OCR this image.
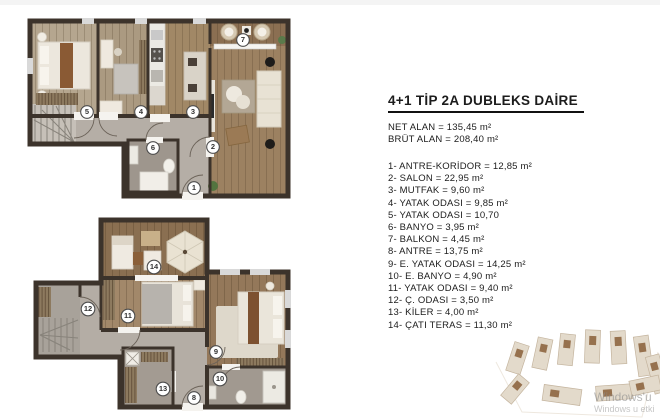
1
2
3
4
5
6
7
8
9
10
11
12
13
14
4+1 TİP 2A DUBLEKS DAİRE
NET ALAN = 135,45 m²
BRÜT ALAN = 208,40 m²
1- ANTRE-KORİDOR = 12,85 m²
2- SALON = 22,95 m²
3- MUTFAK = 9,60 m²
4- YATAK ODASI = 9,85 m²
5- YATAK ODASI = 10,70
6- BANYO = 3,95 m²
7- BALKON = 4,45 m²
8- ANTRE = 13,75 m²
9- E. YATAK ODASI = 14,25 m²
10- E. BANYO = 4,90 m²
11- YATAK ODASI = 9,40 m²
12- Ç. ODASI = 3,50 m²
13- KİLER = 4,00 m²
14- ÇATI TERAS = 11,30 m²
Windows'u
Windows u etki
